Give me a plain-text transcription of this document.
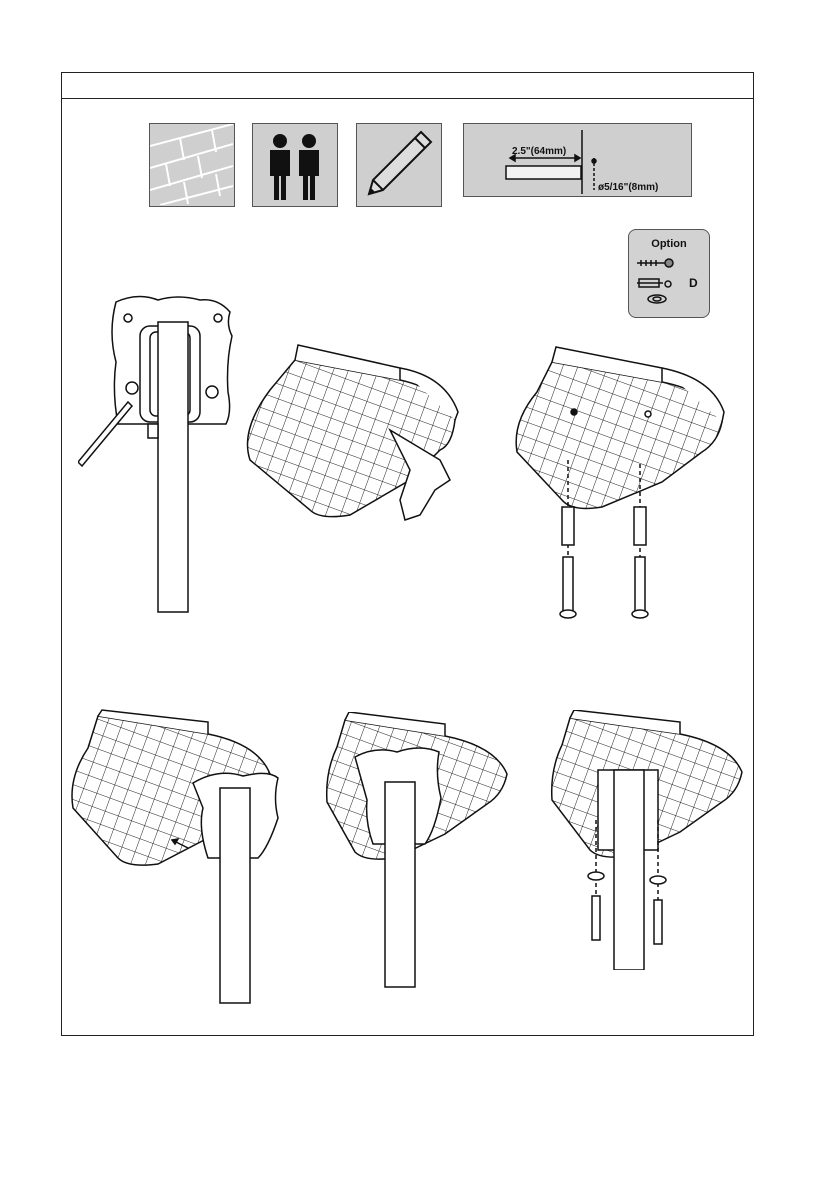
2.5"(64mm)
ø5/16"(8mm)
Option
D
